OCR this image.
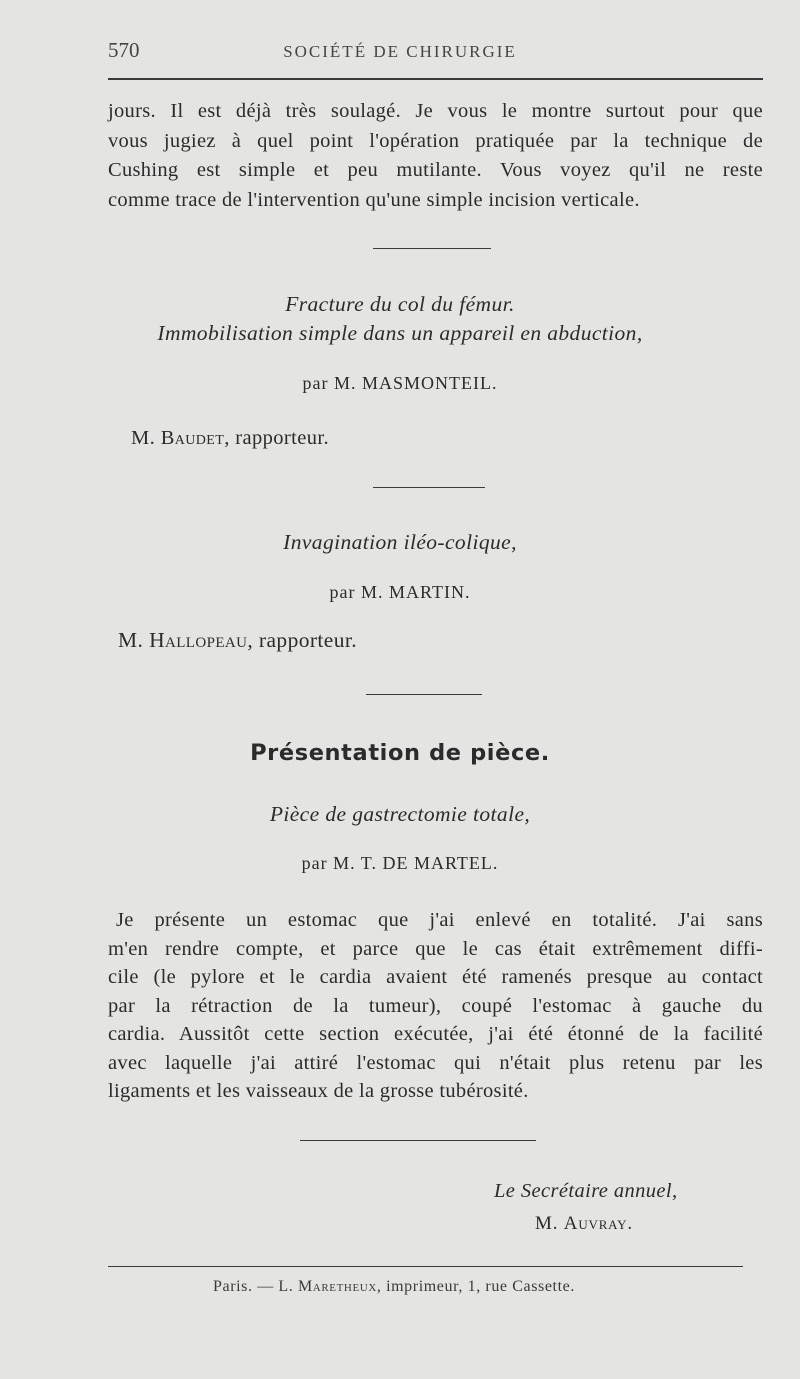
570	SOCIÉTÉ DE CHIRURGIE
jours. Il est déjà très soulagé. Je vous le montre surtout pour que
vous jugiez à quel point l'opération pratiquée par la technique de
Cushing est simple et peu mutilante. Vous voyez qu'il ne reste
comme trace de l'intervention qu'une simple incision verticale.
Fracture du col du fémur.
Immobilisation simple dans un appareil en abduction,
par M. MASMONTEIL.
M. Baudet, rapporteur.
Invagination iléo-colique,
par M. MARTIN.
M. Hallopeau, rapporteur.
Présentation de pièce.
Pièce de gastrectomie totale,
par M. T. DE MARTEL.
Je présente un estomac que j'ai enlevé en totalité. J'ai sans
m'en rendre compte, et parce que le cas était extrêmement diffi-
cile (le pylore et le cardia avaient été ramenés presque au contact
par la rétraction de la tumeur), coupé l'estomac à gauche du
cardia. Aussitôt cette section exécutée, j'ai été étonné de la facilité
avec laquelle j'ai attiré l'estomac qui n'était plus retenu par les
ligaments et les vaisseaux de la grosse tubérosité.
Le Secrétaire annuel,
M. Auvray.
Paris. — L. Maretheux, imprimeur, 1, rue Cassette.
